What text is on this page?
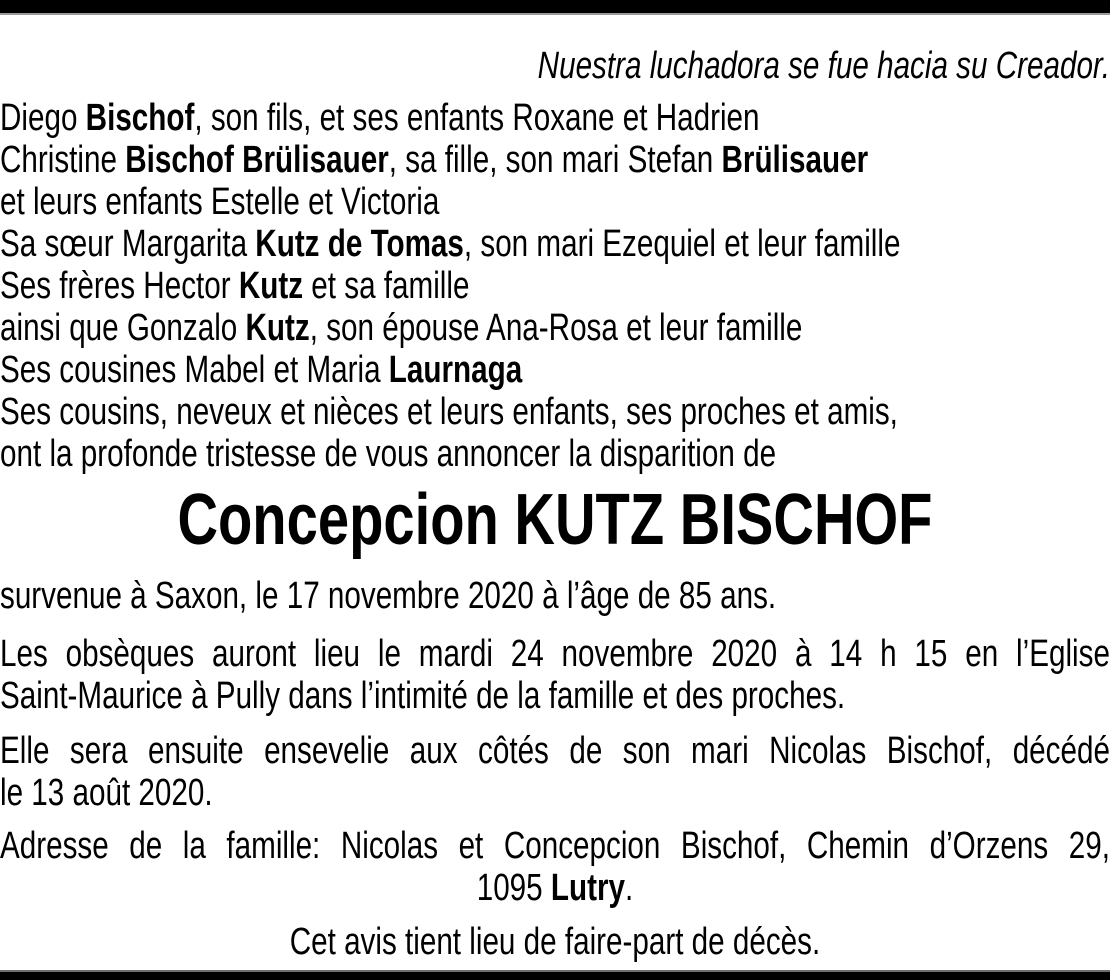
Nuestra luchadora se fue hacia su Creador.
Diego Bischof, son fils, et ses enfants Roxane et Hadrien
Christine Bischof Brülisauer, sa fille, son mari Stefan Brülisauer
et leurs enfants Estelle et Victoria
Sa sœur Margarita Kutz de Tomas, son mari Ezequiel et leur famille
Ses frères Hector Kutz et sa famille
ainsi que Gonzalo Kutz, son épouse Ana-Rosa et leur famille
Ses cousines Mabel et Maria Laurnaga
Ses cousins, neveux et nièces et leurs enfants, ses proches et amis,
ont la profonde tristesse de vous annoncer la disparition de
Concepcion KUTZ BISCHOF
survenue à Saxon, le 17 novembre 2020 à l’âge de 85 ans.
Les obsèques auront lieu le mardi 24 novembre 2020 à 14 h 15 en l’Eglise
Saint-Maurice à Pully dans l’intimité de la famille et des proches.
Elle sera ensuite ensevelie aux côtés de son mari Nicolas Bischof, décédé
le 13 août 2020.
Adresse de la famille: Nicolas et Concepcion Bischof, Chemin d’Orzens 29,
1095 Lutry.
Cet avis tient lieu de faire-part de décès.
